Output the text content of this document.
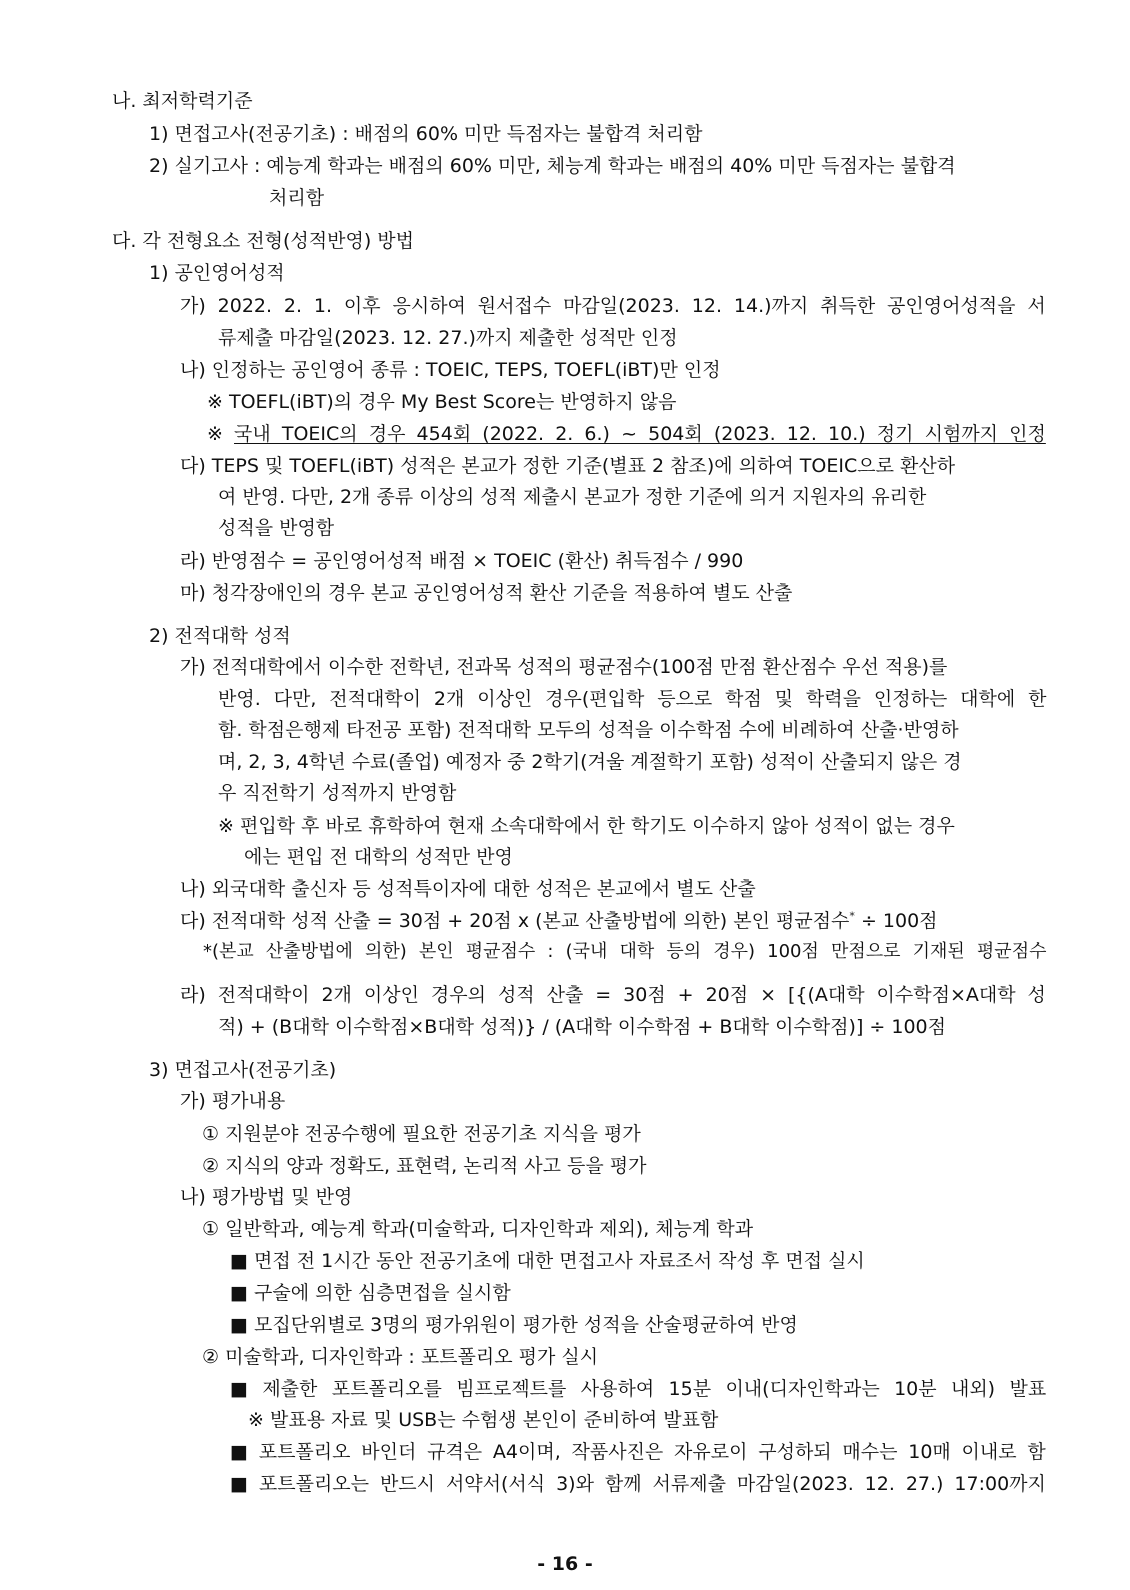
나. 최저학력기준
1) 면접고사(전공기초) : 배점의 60% 미만 득점자는 불합격 처리함
2) 실기고사 : 예능계 학과는 배점의 60% 미만, 체능계 학과는 배점의 40% 미만 득점자는 불합격
처리함
다. 각 전형요소 전형(성적반영) 방법
1) 공인영어성적
가) 2022. 2. 1. 이후 응시하여 원서접수 마감일(2023. 12. 14.)까지 취득한 공인영어성적을 서
류제출 마감일(2023. 12. 27.)까지 제출한 성적만 인정
나) 인정하는 공인영어 종류 : TOEIC, TEPS, TOEFL(iBT)만 인정
※ TOEFL(iBT)의 경우 My Best Score는 반영하지 않음
※ 국내 TOEIC의 경우 454회 (2022. 2. 6.) ~ 504회 (2023. 12. 10.) 정기 시험까지 인정
다) TEPS 및 TOEFL(iBT) 성적은 본교가 정한 기준(별표 2 참조)에 의하여 TOEIC으로 환산하
여 반영. 다만, 2개 종류 이상의 성적 제출시 본교가 정한 기준에 의거 지원자의 유리한
성적을 반영함
라) 반영점수 = 공인영어성적 배점 × TOEIC (환산) 취득점수 / 990
마) 청각장애인의 경우 본교 공인영어성적 환산 기준을 적용하여 별도 산출
2) 전적대학 성적
가) 전적대학에서 이수한 전학년, 전과목 성적의 평균점수(100점 만점 환산점수 우선 적용)를
반영. 다만, 전적대학이 2개 이상인 경우(편입학 등으로 학점 및 학력을 인정하는 대학에 한
함. 학점은행제 타전공 포함) 전적대학 모두의 성적을 이수학점 수에 비례하여 산출·반영하
며, 2, 3, 4학년 수료(졸업) 예정자 중 2학기(겨울 계절학기 포함) 성적이 산출되지 않은 경
우 직전학기 성적까지 반영함
※ 편입학 후 바로 휴학하여 현재 소속대학에서 한 학기도 이수하지 않아 성적이 없는 경우
에는 편입 전 대학의 성적만 반영
나) 외국대학 출신자 등 성적특이자에 대한 성적은 본교에서 별도 산출
다) 전적대학 성적 산출 = 30점 + 20점 x (본교 산출방법에 의한) 본인 평균점수* ÷ 100점
*(본교 산출방법에 의한) 본인 평균점수 : (국내 대학 등의 경우) 100점 만점으로 기재된 평균점수
라) 전적대학이 2개 이상인 경우의 성적 산출 = 30점 + 20점 × [{(A대학 이수학점×A대학 성
적) + (B대학 이수학점×B대학 성적)} / (A대학 이수학점 + B대학 이수학점)] ÷ 100점
3) 면접고사(전공기초)
가) 평가내용
① 지원분야 전공수행에 필요한 전공기초 지식을 평가
② 지식의 양과 정확도, 표현력, 논리적 사고 등을 평가
나) 평가방법 및 반영
① 일반학과, 예능계 학과(미술학과, 디자인학과 제외), 체능계 학과
■ 면접 전 1시간 동안 전공기초에 대한 면접고사 자료조서 작성 후 면접 실시
■ 구술에 의한 심층면접을 실시함
■ 모집단위별로 3명의 평가위원이 평가한 성적을 산술평균하여 반영
② 미술학과, 디자인학과 : 포트폴리오 평가 실시
■ 제출한 포트폴리오를 빔프로젝트를 사용하여 15분 이내(디자인학과는 10분 내외) 발표
※ 발표용 자료 및 USB는 수험생 본인이 준비하여 발표함
■ 포트폴리오 바인더 규격은 A4이며, 작품사진은 자유로이 구성하되 매수는 10매 이내로 함
■ 포트폴리오는 반드시 서약서(서식 3)와 함께 서류제출 마감일(2023. 12. 27.) 17:00까지
- 16 -
